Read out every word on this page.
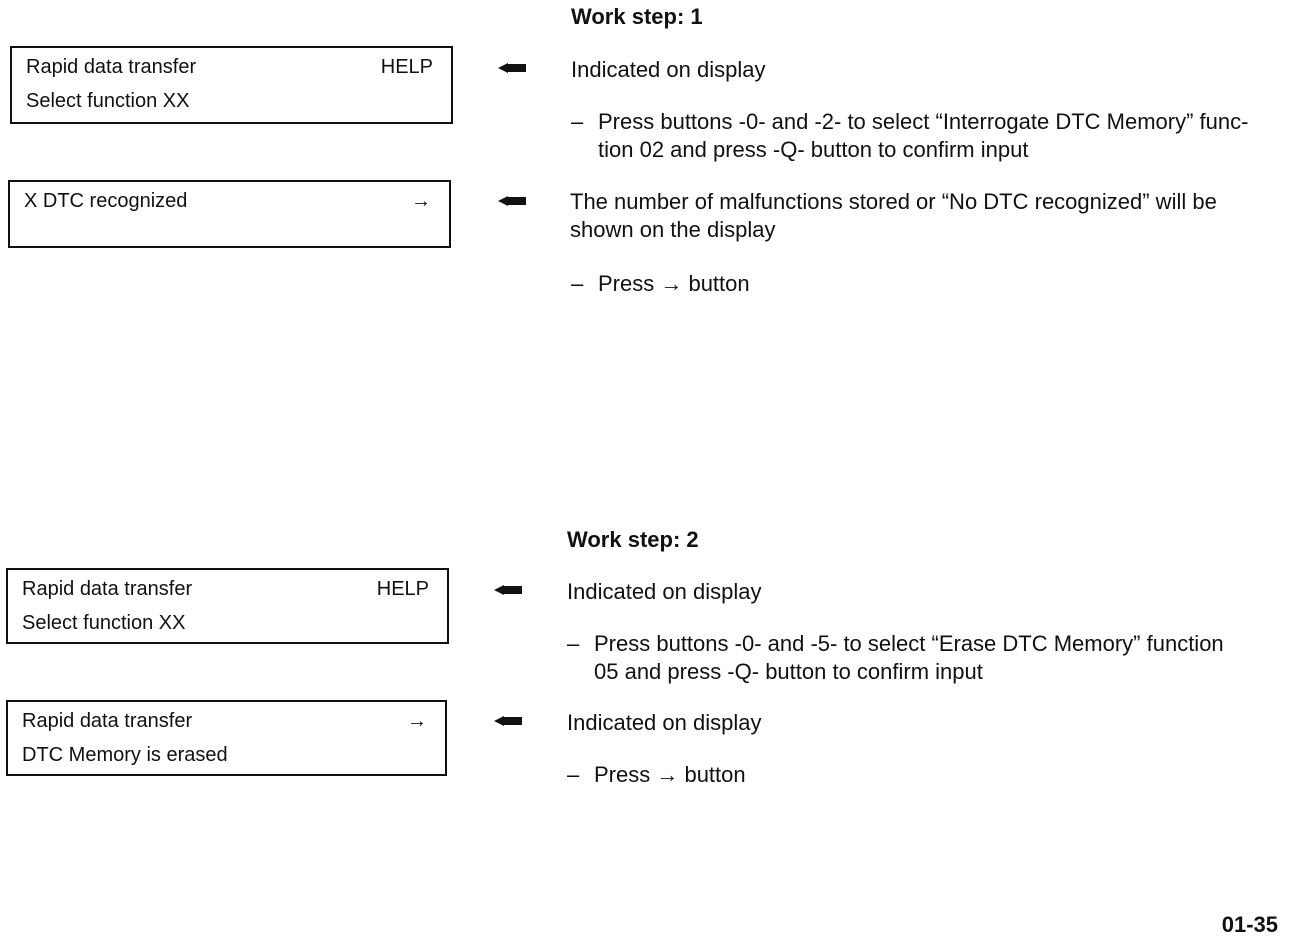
Work step: 1
Rapid data transfer	HELP
Select function XX
Indicated on display
– Press buttons -0- and -2- to select “Interrogate DTC Memory” func-
tion 02 and press -Q- button to confirm input
X DTC recognized	→	The number of malfunctions stored or “No DTC recognized” will be
shown on the display
– Press → button
Work step: 2
Rapid data transfer	HELP
Select function XX
Indicated on display
– Press buttons -0- and -5- to select “Erase DTC Memory” function
05 and press -Q- button to confirm input
Rapid data transfer	→
DTC Memory is erased
Indicated on display
– Press → button
01-35
